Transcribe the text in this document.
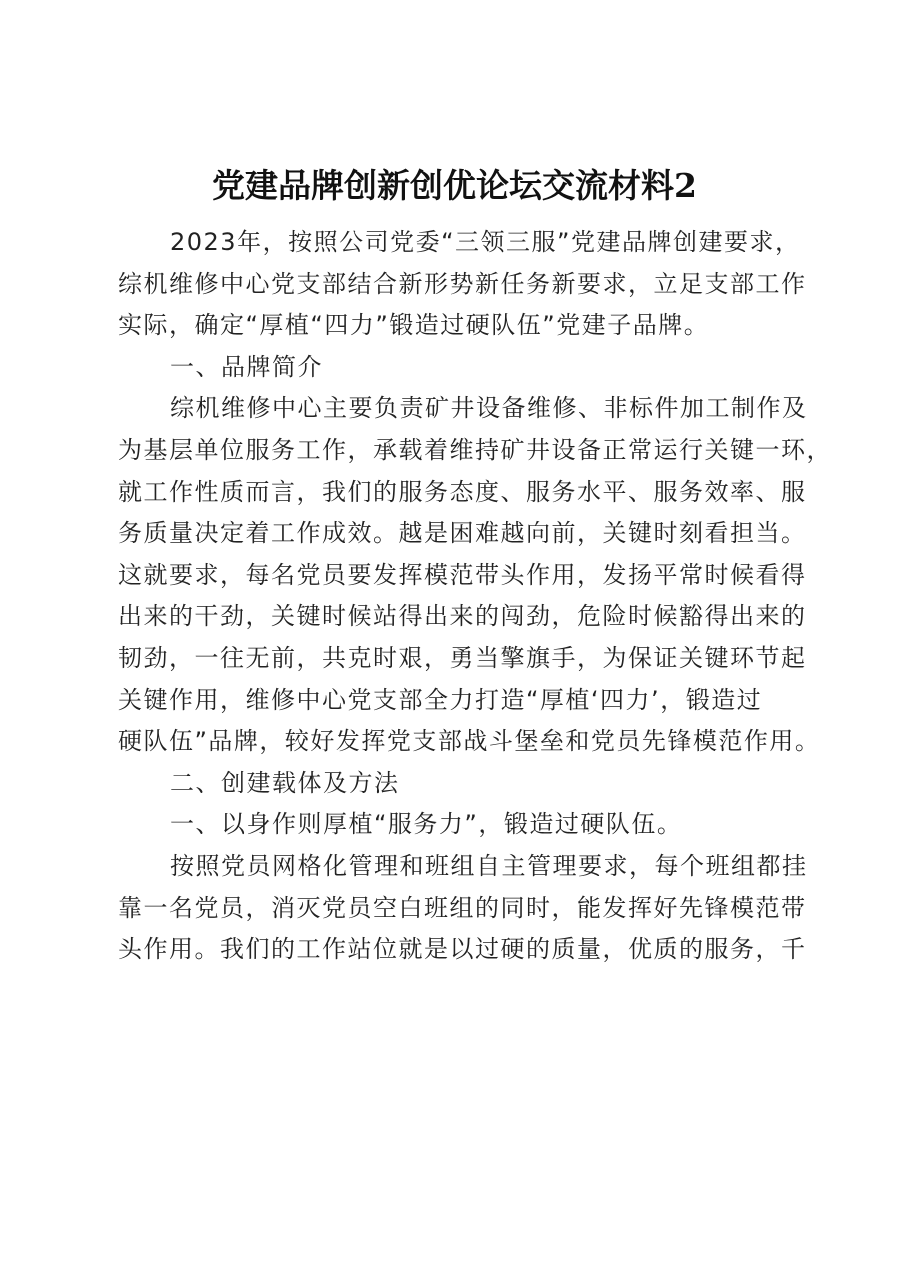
党建品牌创新创优论坛交流材料2

2023年，按照公司党委“三领三服”党建品牌创建要求，
综机维修中心党支部结合新形势新任务新要求，立足支部工作
实际，确定“厚植“四力”锻造过硬队伍”党建子品牌。

一、品牌简介

综机维修中心主要负责矿井设备维修、非标件加工制作及
为基层单位服务工作，承载着维持矿井设备正常运行关键一环，
就工作性质而言，我们的服务态度、服务水平、服务效率、服
务质量决定着工作成效。越是困难越向前，关键时刻看担当。
这就要求，每名党员要发挥模范带头作用，发扬平常时候看得
出来的干劲，关键时候站得出来的闯劲，危险时候豁得出来的
韧劲，一往无前，共克时艰，勇当擎旗手，为保证关键环节起
关键作用，维修中心党支部全力打造“厚植‘四力’，锻造过
硬队伍”品牌，较好发挥党支部战斗堡垒和党员先锋模范作用。

二、创建载体及方法

一、以身作则厚植“服务力”，锻造过硬队伍。

按照党员网格化管理和班组自主管理要求，每个班组都挂
靠一名党员，消灭党员空白班组的同时，能发挥好先锋模范带
头作用。我们的工作站位就是以过硬的质量，优质的服务，千
